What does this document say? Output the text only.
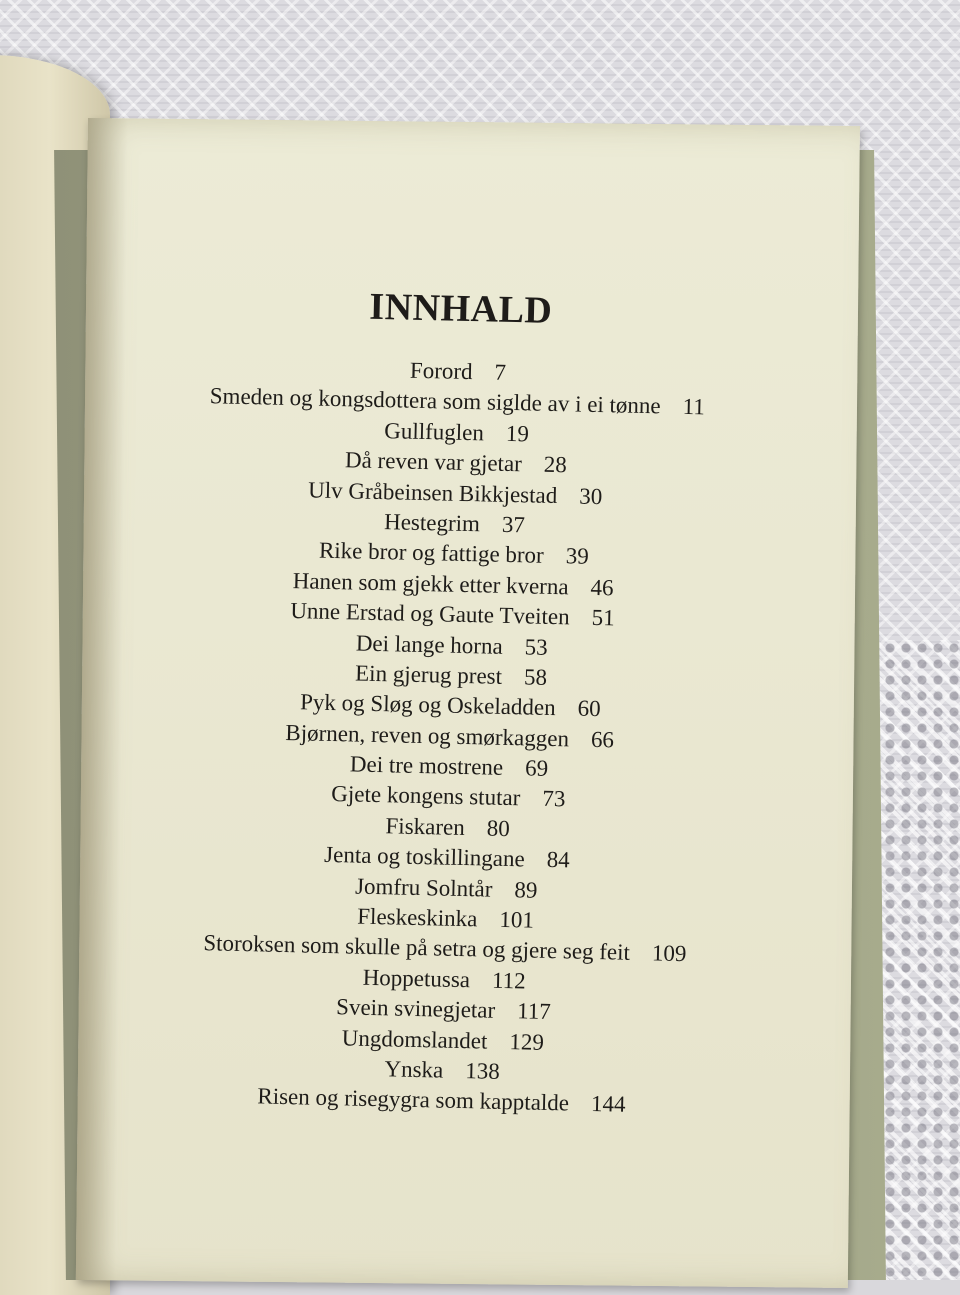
INNHALD
Forord 7
Smeden og kongsdottera som siglde av i ei tønne 11
Gullfuglen 19
Då reven var gjetar 28
Ulv Gråbeinsen Bikkjestad 30
Hestegrim 37
Rike bror og fattige bror 39
Hanen som gjekk etter kverna 46
Unne Erstad og Gaute Tveiten 51
Dei lange horna 53
Ein gjerug prest 58
Pyk og Sløg og Oskeladden 60
Bjørnen, reven og smørkaggen 66
Dei tre mostrene 69
Gjete kongens stutar 73
Fiskaren 80
Jenta og toskillingane 84
Jomfru Solntår 89
Fleskeskinka 101
Storoksen som skulle på setra og gjere seg feit 109
Hoppetussa 112
Svein svinegjetar 117
Ungdomslandet 129
Ynska 138
Risen og risegygra som kapptalde 144
